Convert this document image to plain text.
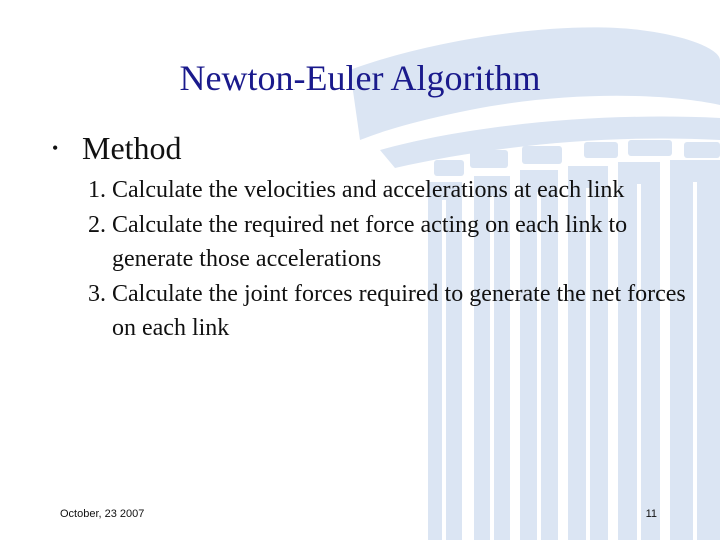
Newton-Euler Algorithm
• Method
1. Calculate the velocities and accelerations at each link
2. Calculate the required net force acting on each link to generate those accelerations
3. Calculate the joint forces required to generate the net forces on each link
October, 23 2007	11
